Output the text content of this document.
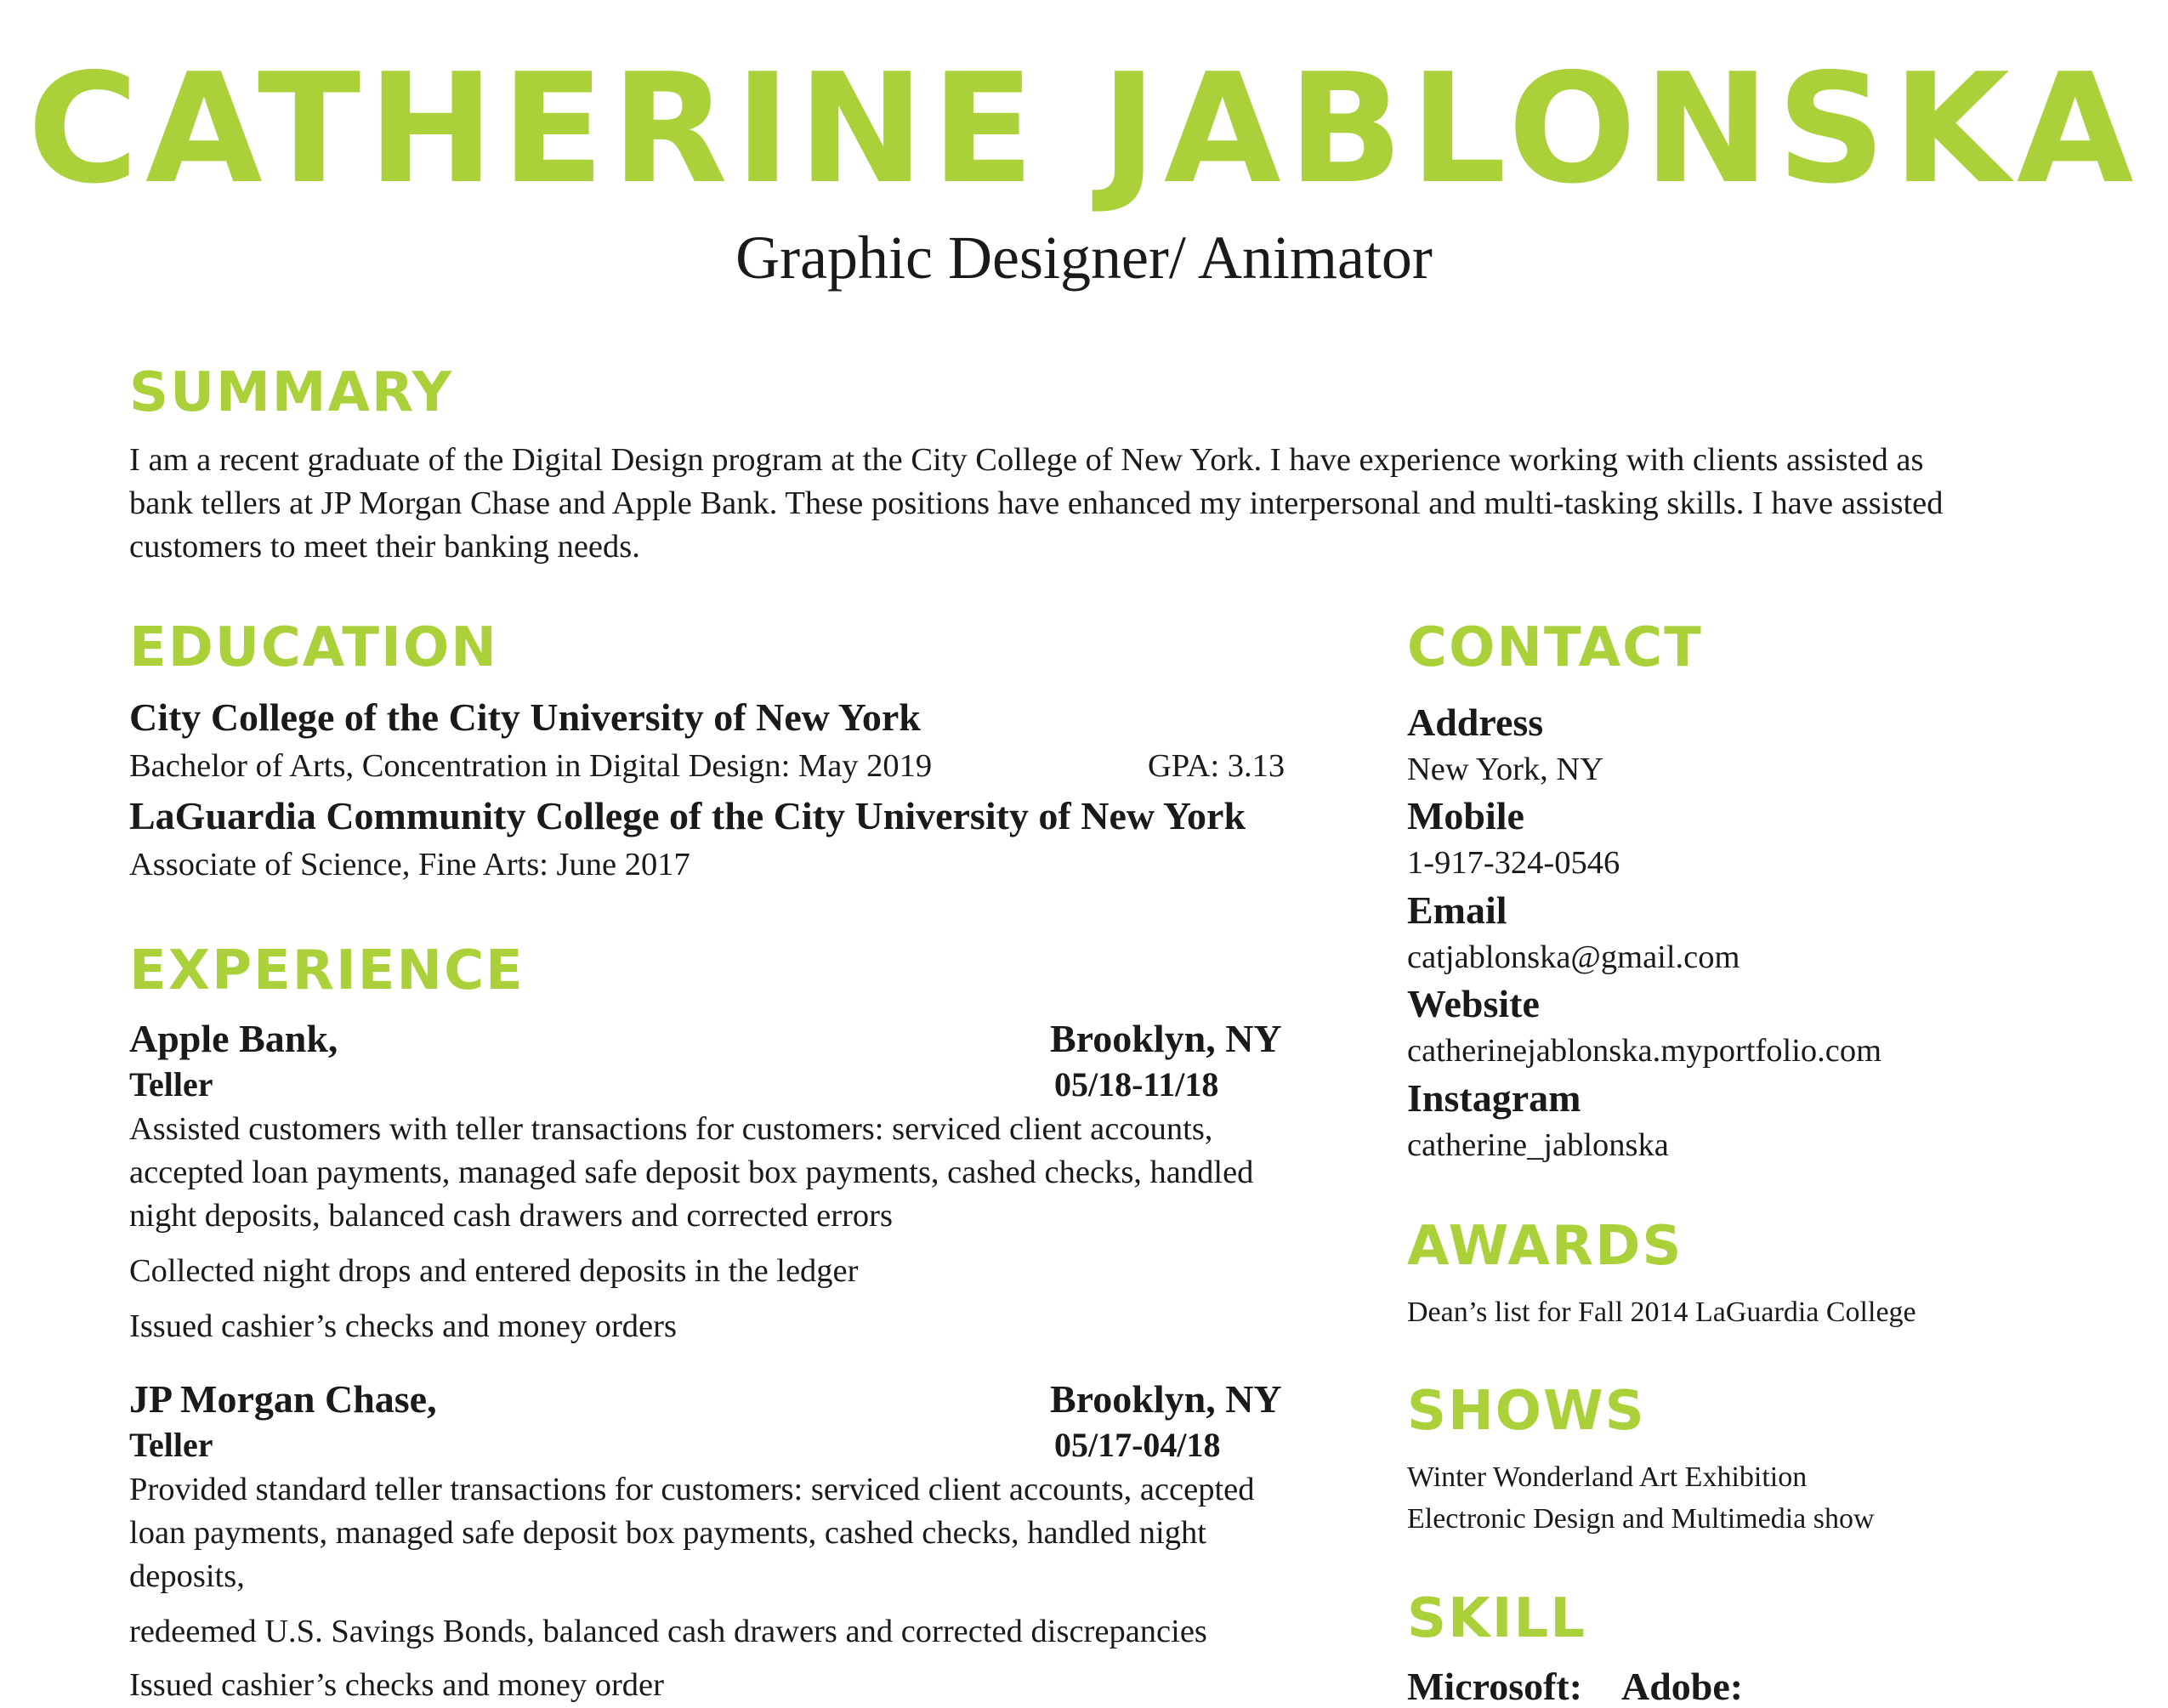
CATHERINE JABLONSKA
Graphic Designer/ Animator
SUMMARY
I am a recent graduate of the Digital Design program at the City College of New York. I have experience working with clients assisted as
bank tellers at JP Morgan Chase and Apple Bank. These positions have enhanced my interpersonal and multi-tasking skills. I have assisted
customers to meet their banking needs.
EDUCATION
City College of the City University of New York
Bachelor of Arts, Concentration in Digital Design: May 2019	GPA: 3.13
LaGuardia Community College of the City University of New York
Associate of Science, Fine Arts: June 2017
EXPERIENCE
Apple Bank,	Brooklyn, NY
Teller	05/18-11/18
Assisted customers with teller transactions for customers: serviced client accounts,
accepted loan payments, managed safe deposit box payments, cashed checks, handled
night deposits, balanced cash drawers and corrected errors
Collected night drops and entered deposits in the ledger
Issued cashier’s checks and money orders
JP Morgan Chase,	Brooklyn, NY
Teller	05/17-04/18
Provided standard teller transactions for customers: serviced client accounts, accepted
loan payments, managed safe deposit box payments, cashed checks, handled night
deposits,
redeemed U.S. Savings Bonds, balanced cash drawers and corrected discrepancies
Issued cashier’s checks and money order
CONTACT
Address
New York, NY
Mobile
1-917-324-0546
Email
catjablonska@gmail.com
Website
catherinejablonska.myportfolio.com
Instagram
catherine_jablonska
AWARDS
Dean’s list for Fall 2014 LaGuardia College
SHOWS
Winter Wonderland Art Exhibition
Electronic Design and Multimedia show
SKILL
Microsoft: Adobe:
